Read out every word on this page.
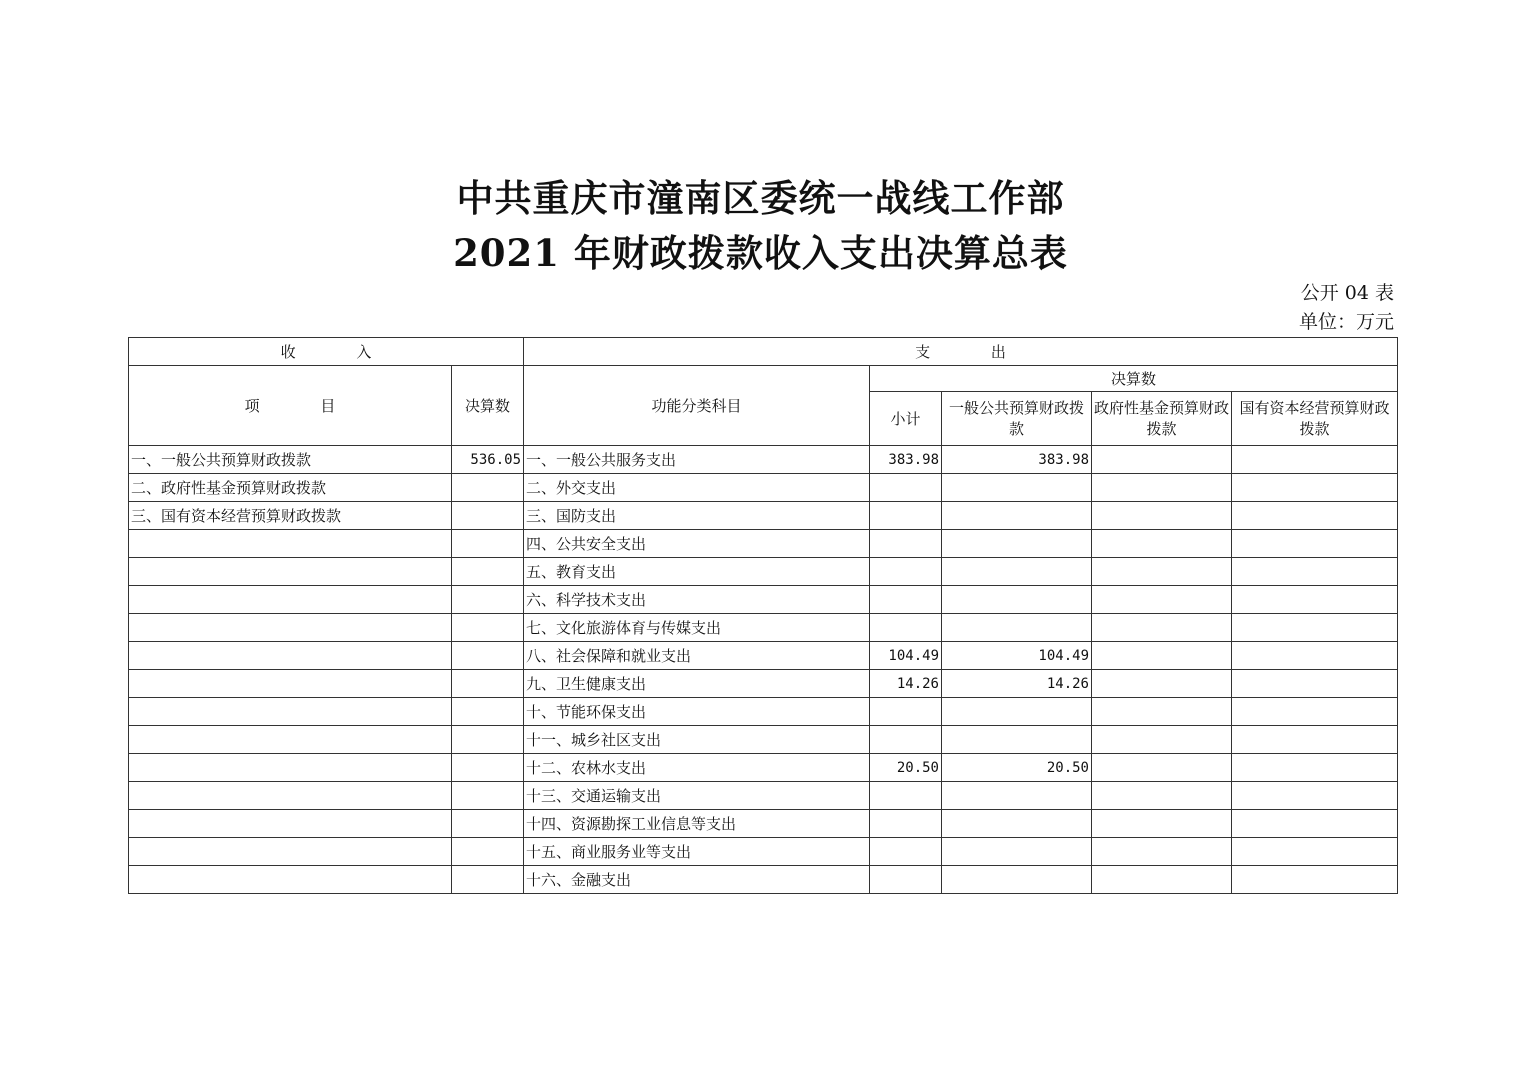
中共重庆市潼南区委统一战线工作部
2021 年财政拨款收入支出决算总表
公开 04 表
单位：万元
收 入		支 出				
项 目	决算数	功能分类科目	决算数			
			小计	一般公共预算财政拨款	政府性基金预算财政拨款	国有资本经营预算财政拨款
一、一般公共预算财政拨款	536.05	一、一般公共服务支出	383.98	383.98		
二、政府性基金预算财政拨款		二、外交支出				
三、国有资本经营预算财政拨款		三、国防支出				
		四、公共安全支出				
		五、教育支出				
		六、科学技术支出				
		七、文化旅游体育与传媒支出				
		八、社会保障和就业支出	104.49	104.49		
		九、卫生健康支出	14.26	14.26		
		十、节能环保支出				
		十一、城乡社区支出				
		十二、农林水支出	20.50	20.50		
		十三、交通运输支出				
		十四、资源勘探工业信息等支出				
		十五、商业服务业等支出				
		十六、金融支出				
